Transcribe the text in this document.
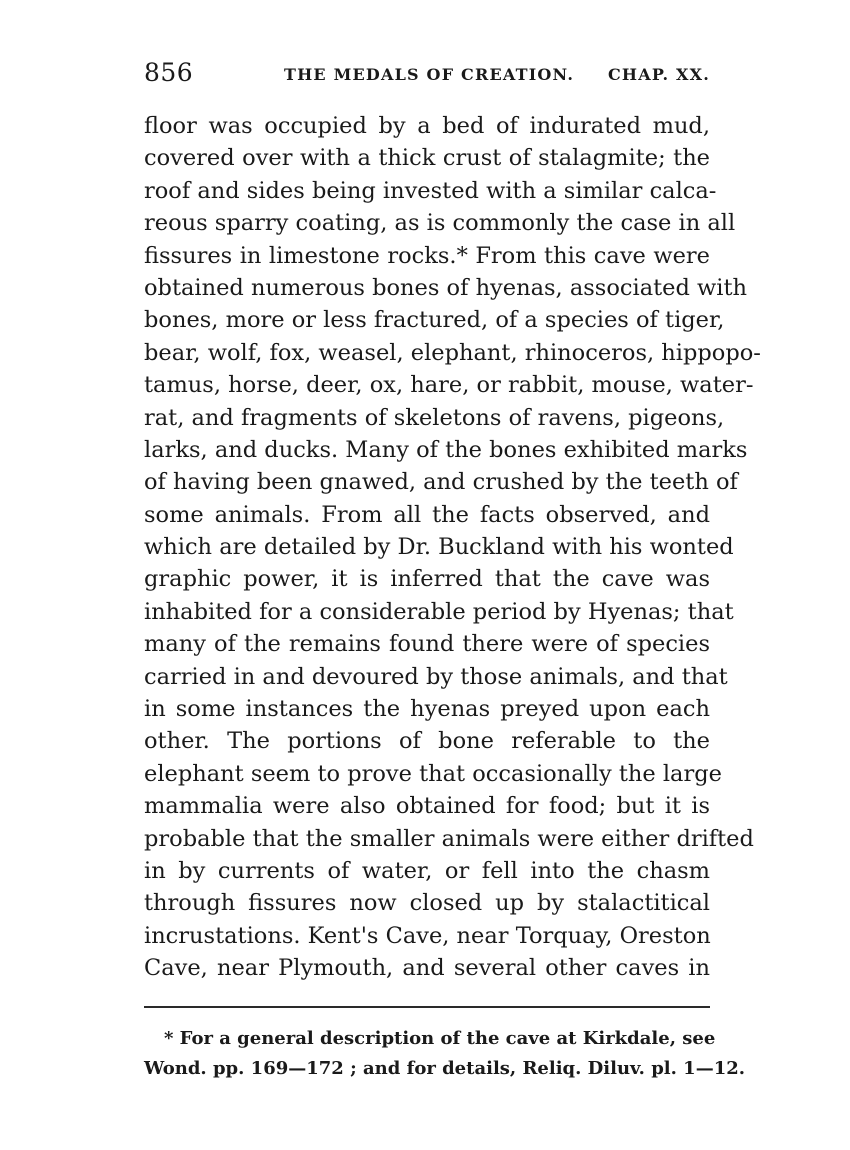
856	THE MEDALS OF CREATION. CHAP. XX.
floor was occupied by a bed of indurated mud,
covered over with a thick crust of stalagmite; the
roof and sides being invested with a similar calca-
reous sparry coating, as is commonly the case in all
fissures in limestone rocks.* From this cave were
obtained numerous bones of hyenas, associated with
bones, more or less fractured, of a species of tiger,
bear, wolf, fox, weasel, elephant, rhinoceros, hippopo-
tamus, horse, deer, ox, hare, or rabbit, mouse, water-
rat, and fragments of skeletons of ravens, pigeons,
larks, and ducks. Many of the bones exhibited marks
of having been gnawed, and crushed by the teeth of
some animals. From all the facts observed, and
which are detailed by Dr. Buckland with his wonted
graphic power, it is inferred that the cave was
inhabited for a considerable period by Hyenas; that
many of the remains found there were of species
carried in and devoured by those animals, and that
in some instances the hyenas preyed upon each
other. The portions of bone referable to the
elephant seem to prove that occasionally the large
mammalia were also obtained for food; but it is
probable that the smaller animals were either drifted
in by currents of water, or fell into the chasm
through fissures now closed up by stalactitical
incrustations. Kent's Cave, near Torquay, Oreston
Cave, near Plymouth, and several other caves in
* For a general description of the cave at Kirkdale, see
Wond. pp. 169—172 ; and for details, Reliq. Diluv. pl. 1—12.
